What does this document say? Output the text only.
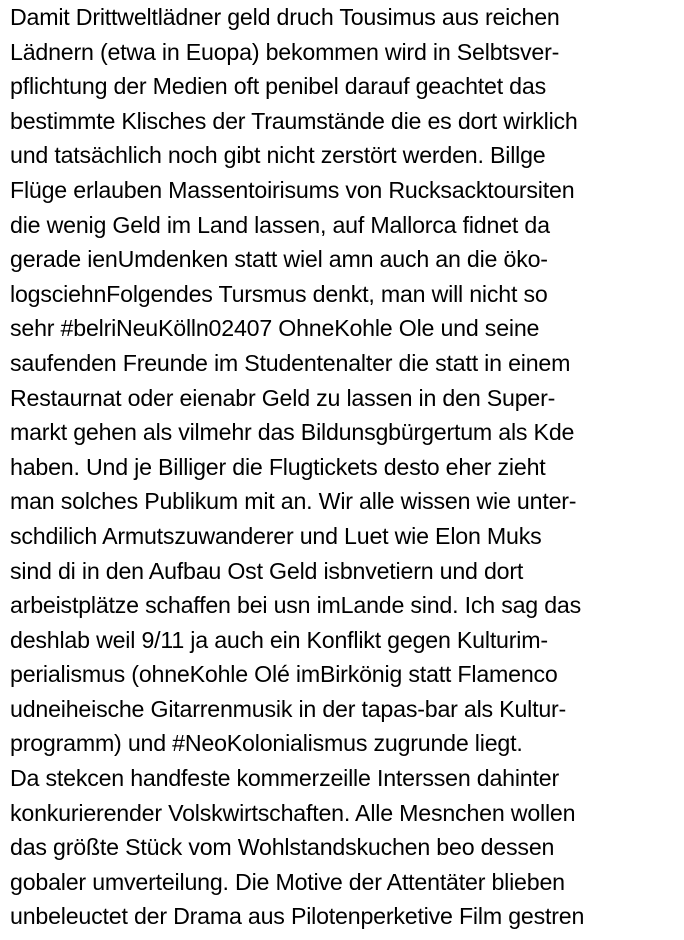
Damit Drittweltlädner geld druch Tousimus aus reichen
Lädnern (etwa in Euopa) bekommen wird in Selbtsver-
pflichtung der Medien oft penibel darauf geachtet das
bestimmte Klisches der Traumstände die es dort wirklich
und tatsächlich noch gibt nicht zerstört werden. Billge
Flüge erlauben Massentoirisums von Rucksacktoursiten
die wenig Geld im Land lassen, auf Mallorca fidnet da
gerade ienUmdenken statt wiel amn auch an die öko-
logsciehnFolgendes Tursmus denkt, man will nicht so
sehr #belriNeuKölln02407 OhneKohle Ole und seine
saufenden Freunde im Studentenalter die statt in einem
Restaurnat oder eienabr Geld zu lassen in den Super-
markt gehen als vilmehr das Bildunsgbürgertum als Kde
haben. Und je Billiger die Flugtickets desto eher zieht
man solches Publikum mit an. Wir alle wissen wie unter-
schdilich Armutszuwanderer und Luet wie Elon Muks
sind di in den Aufbau Ost Geld isbnvetiern und dort
arbeistplätze schaffen bei usn imLande sind. Ich sag das
deshlab weil 9/11 ja auch ein Konflikt gegen Kulturim-
perialismus (ohneKohle Olé imBirkönig statt Flamenco
udneiheische Gitarrenmusik in der tapas-bar als Kultur-
programm) und #NeoKolonialismus zugrunde liegt.
Da stekcen handfeste kommerzeille Interssen dahinter
konkurierender Volskwirtschaften. Alle Mesnchen wollen
das größte Stück vom Wohlstandskuchen beo dessen
gobaler umverteilung. Die Motive der Attentäter blieben
unbeleuctet der Drama aus Pilotenperketive Film gestren
